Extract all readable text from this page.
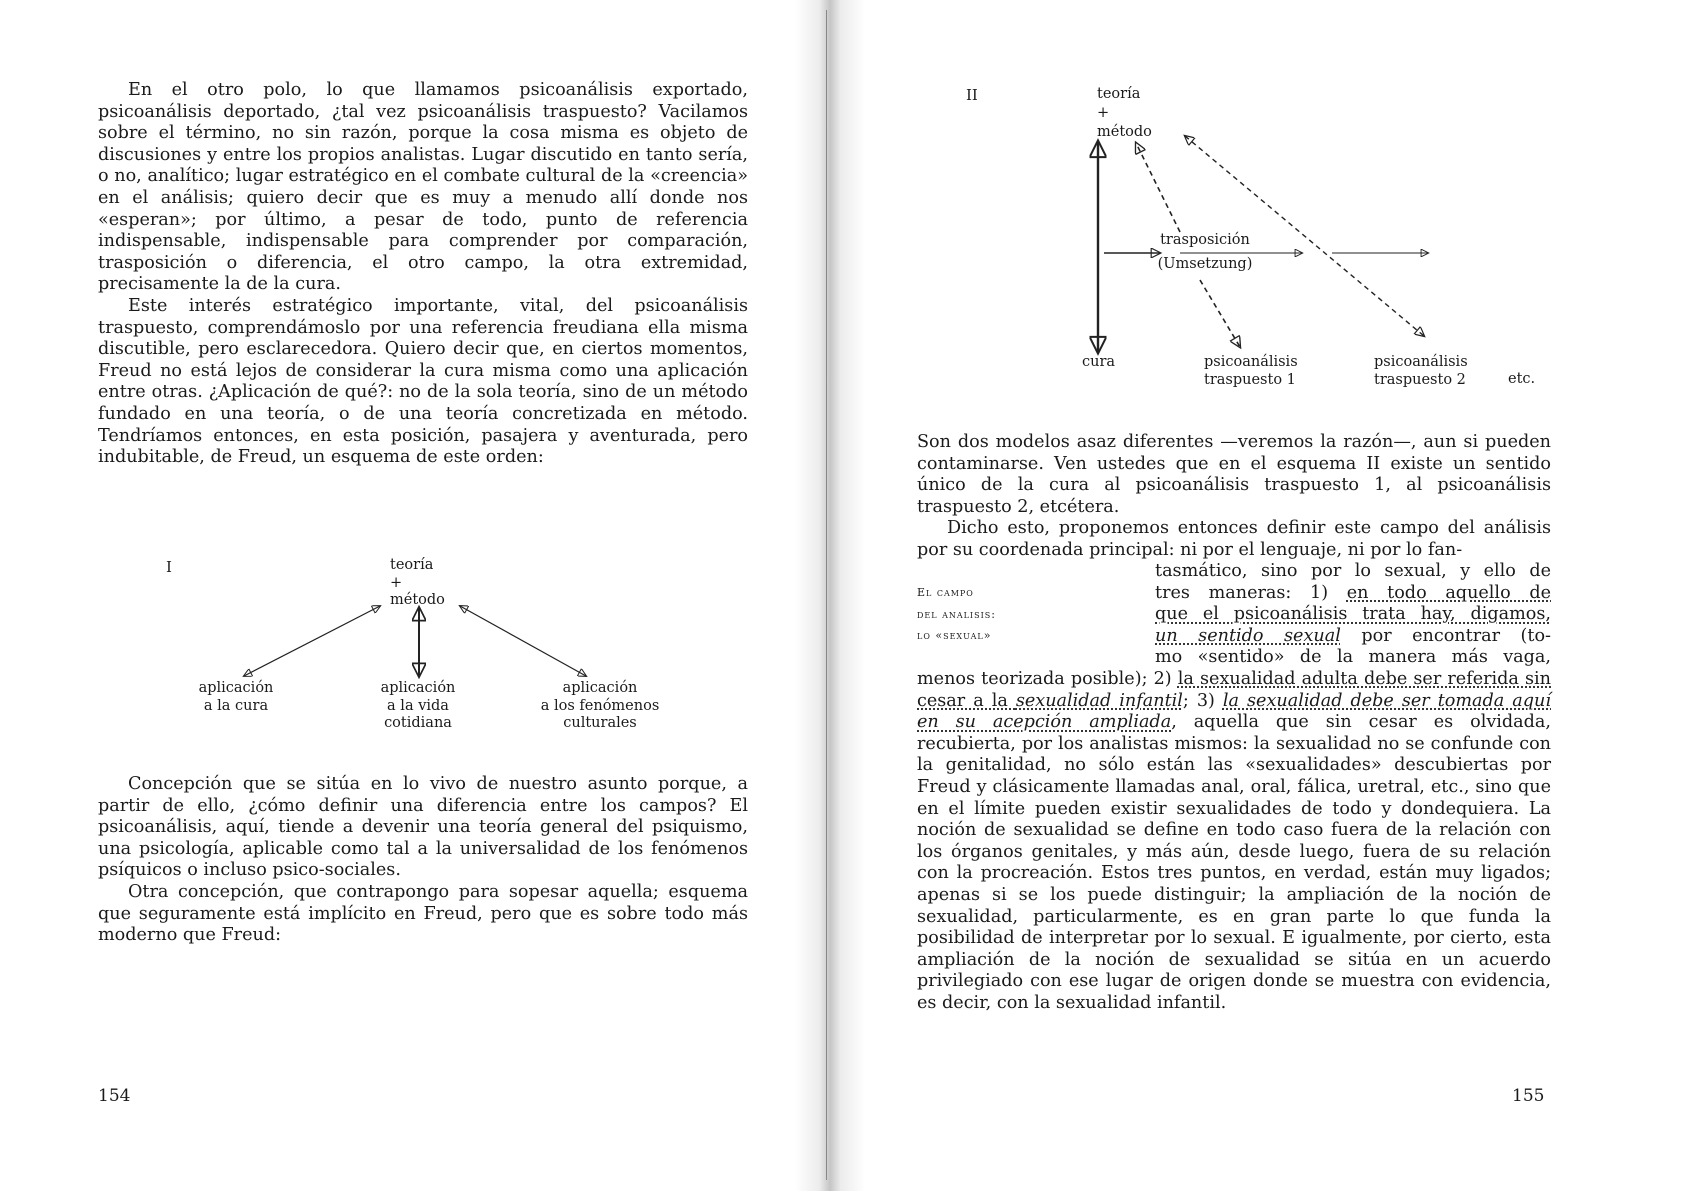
En el otro polo, lo que llamamos psicoanálisis exportado, psicoanálisis deportado, ¿tal vez psicoanálisis traspuesto? Vacilamos sobre el término, no sin razón, porque la cosa misma es objeto de discusiones y entre los propios analistas. Lugar discutido en tanto sería, o no, analítico; lugar estratégico en el combate cultural de la «creencia» en el análisis; quiero decir que es muy a menudo allí donde nos «esperan»; por último, a pesar de todo, punto de referencia indispensable, indispensable para comprender por comparación, trasposición o diferencia, el otro campo, la otra extremidad, precisamente la de la cura.

Este interés estratégico importante, vital, del psicoanálisis traspuesto, comprendámoslo por una referencia freudiana ella misma discutible, pero esclarecedora. Quiero decir que, en ciertos momentos, Freud no está lejos de considerar la cura misma como una aplicación entre otras. ¿Aplicación de qué?: no de la sola teoría, sino de un método fundado en una teoría, o de una teoría concretizada en método. Tendríamos entonces, en esta posición, pasajera y aventurada, pero indubitable, de Freud, un esquema de este orden:

I	teoría
+
método
aplicación
a la cura
aplicación
a la vida
cotidiana
aplicación
a los fenómenos
culturales

Concepción que se sitúa en lo vivo de nuestro asunto porque, a partir de ello, ¿cómo definir una diferencia entre los campos? El psicoanálisis, aquí, tiende a devenir una teoría general del psiquismo, una psicología, aplicable como tal a la universalidad de los fenómenos psíquicos o incluso psico-sociales.

Otra concepción, que contrapongo para sopesar aquella; esquema que seguramente está implícito en Freud, pero que es sobre todo más moderno que Freud:

154
II	teoría
+
método
trasposición
(Umsetzung)
cura	psicoanálisis
traspuesto 1
psicoanálisis
traspuesto 2	etc.

Son dos modelos asaz diferentes —veremos la razón—, aun si pueden contaminarse. Ven ustedes que en el esquema II existe un sentido único de la cura al psicoanálisis traspuesto 1, al psicoanálisis traspuesto 2, etcétera.

Dicho esto, proponemos entonces definir este campo del análisis por su coordenada principal: ni por el lenguaje, ni por lo fan-

El campo
del analisis:
lo «sexual»
tasmático, sino por lo sexual, y ello de
tres maneras: 1) en todo aquello de
que el psicoanálisis trata hay, digamos,
un sentido sexual por encontrar (to-
mo «sentido» de la manera más vaga,

menos teorizada posible); 2) la sexualidad adulta debe ser referida sin cesar a la sexualidad infantil; 3) la sexualidad debe ser tomada aquí en su acepción ampliada, aquella que sin cesar es olvidada, recubierta, por los analistas mismos: la sexualidad no se confunde con la genitalidad, no sólo están las «sexualidades» descubiertas por Freud y clásicamente llamadas anal, oral, fálica, uretral, etc., sino que en el límite pueden existir sexualidades de todo y dondequiera. La noción de sexualidad se define en todo caso fuera de la relación con los órganos genitales, y más aún, desde luego, fuera de su relación con la procreación. Estos tres puntos, en verdad, están muy ligados; apenas si se los puede distinguir; la ampliación de la noción de sexualidad, particularmente, es en gran parte lo que funda la posibilidad de interpretar por lo sexual. E igualmente, por cierto, esta ampliación de la noción de sexualidad se sitúa en un acuerdo privilegiado con ese lugar de origen donde se muestra con evidencia, es decir, con la sexualidad infantil.

155
